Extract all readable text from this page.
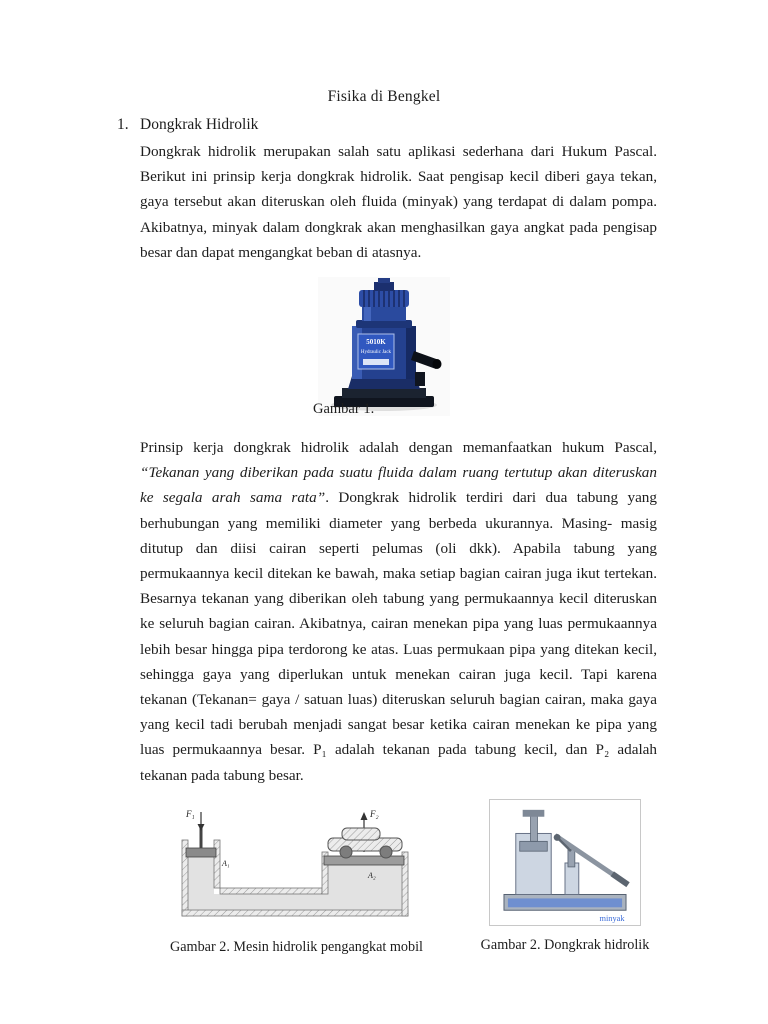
Fisika di Bengkel
1. Dongkrak Hidrolik

Dongkrak hidrolik merupakan salah satu aplikasi sederhana dari Hukum Pascal. Berikut ini prinsip kerja dongkrak hidrolik. Saat pengisap kecil diberi gaya tekan, gaya tersebut akan diteruskan oleh fluida (minyak) yang terdapat di dalam pompa. Akibatnya, minyak dalam dongkrak akan menghasilkan gaya angkat pada pengisap besar dan dapat mengangkat beban di atasnya.

5010K
Hydraulic Jack
Gambar 1.

Prinsip kerja dongkrak hidrolik adalah dengan memanfaatkan hukum Pascal, “Tekanan yang diberikan pada suatu fluida dalam ruang tertutup akan diteruskan ke segala arah sama rata”. Dongkrak hidrolik terdiri dari dua tabung yang berhubungan yang memiliki diameter yang berbeda ukurannya. Masing- masig ditutup dan diisi cairan seperti pelumas (oli dkk). Apabila tabung yang permukaannya kecil ditekan ke bawah, maka setiap bagian cairan juga ikut tertekan. Besarnya tekanan yang diberikan oleh tabung yang permukaannya kecil diteruskan ke seluruh bagian cairan. Akibatnya, cairan menekan pipa yang luas permukaannya lebih besar hingga pipa terdorong ke atas. Luas permukaan pipa yang ditekan kecil, sehingga gaya yang diperlukan untuk menekan cairan juga kecil. Tapi karena tekanan (Tekanan= gaya / satuan luas) diteruskan seluruh bagian cairan, maka gaya yang kecil tadi berubah menjadi sangat besar ketika cairan menekan ke pipa yang luas permukaannya besar. P₁ adalah tekanan pada tabung kecil, dan P₂ adalah tekanan pada tabung besar.

F₁
A₁
F₂
A₂
Gambar 2. Mesin hidrolik pengangkat mobil
minyak
Gambar 2. Dongkrak hidrolik
